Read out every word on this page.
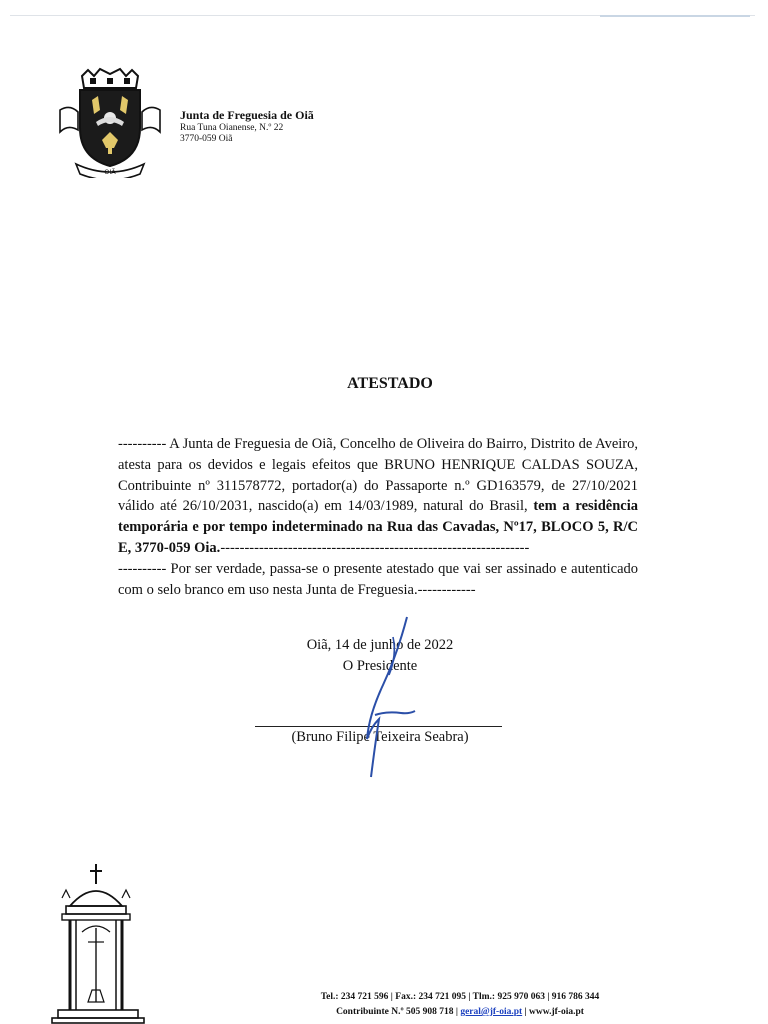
OIÃ
Junta de Freguesia de Oiã
Rua Tuna Oianense, N.º 22
3770-059 Oiã
ATESTADO

---------- A Junta de Freguesia de Oiã, Concelho de Oliveira do Bairro, Distrito de Aveiro, atesta para os devidos e legais efeitos que BRUNO HENRIQUE CALDAS SOUZA, Contribuinte nº 311578772, portador(a) do Passaporte n.º GD163579, de 27/10/2021 válido até 26/10/2031, nascido(a) em 14/03/1989, natural do Brasil, tem a residência temporária e por tempo indeterminado na Rua das Cavadas, Nº17, BLOCO 5, R/C E, 3770-059 Oia.----------------------------------------------------------------

---------- Por ser verdade, passa-se o presente atestado que vai ser assinado e autenticado com o selo branco em uso nesta Junta de Freguesia.------------

Oiã, 14 de junho de 2022
O Presidente
(Bruno Filipe Teixeira Seabra)
Tel.: 234 721 596 | Fax.: 234 721 095 | Tlm.: 925 970 063 | 916 786 344
Contribuinte N.º 505 908 718 | geral@jf-oia.pt | www.jf-oia.pt
